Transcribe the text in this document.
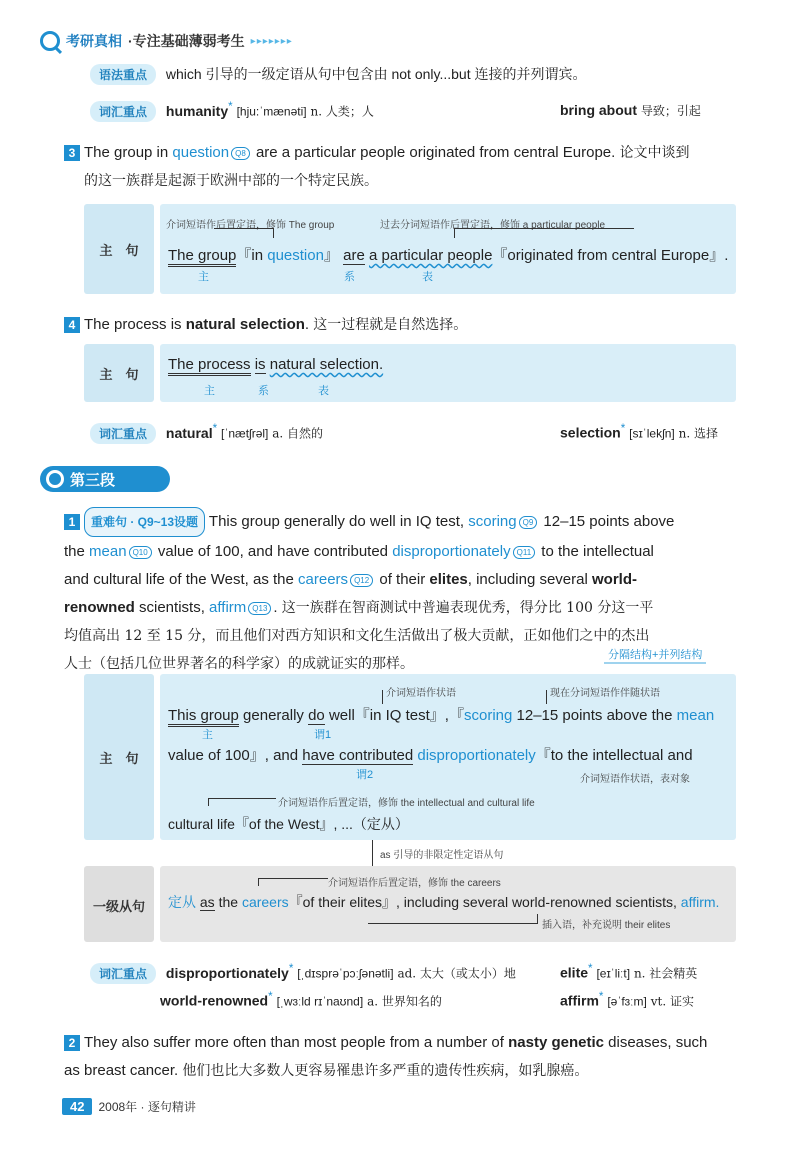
考研真相 ·专注基础薄弱考生 ▸▸▸▸▸▸▸
语法重点 which 引导的一级定语从句中包含由 not only...but 连接的并列谓宾。
词汇重点 humanity* [hju:ˈmænəti] n. 人类；人	bring about 导致；引起
3 The group in question Q8 are a particular people originated from central Europe. 论文中谈到
的这一族群是起源于欧洲中部的一个特定民族。
主　句
介词短语作后置定语，修饰 The group	过去分词短语作后置定语，修饰 a particular people
The group『in question』 are a particular people『originated from central Europe』.
主	系	表
4 The process is natural selection. 这一过程就是自然选择。
主　句
The process is natural selection.
主	系	表
词汇重点 natural* [ˈnætʃrəl] a. 自然的	selection* [sɪˈlekʃn] n. 选择
第三段
1 重难句 · Q9~13设题 This group generally do well in IQ test, scoring Q9 12–15 points above
the mean Q10 value of 100, and have contributed disproportionately Q11 to the intellectual
and cultural life of the West, as the careers Q12 of their elites, including several world-
renowned scientists, affirm Q13 . 这一族群在智商测试中普遍表现优秀，得分比 100 分这一平
均值高出 12 至 15 分，而且他们对西方知识和文化生活做出了极大贡献，正如他们之中的杰出
人士（包括几位世界著名的科学家）的成就证实的那样。
分隔结构+并列结构
主　句
介词短语作状语	现在分词短语作伴随状语
This group generally do well『in IQ test』,『scoring 12–15 points above the mean
主	谓1
value of 100』, and have contributed disproportionately『to the intellectual and
谓2	介词短语作状语，表对象
介词短语作后置定语，修饰 the intellectual and cultural life
cultural life『of the West』, ...（定从）
as 引导的非限定性定语从句
一级从句
介词短语作后置定语，修饰 the careers
定从 as the careers『of their elites』, including several world-renowned scientists, affirm.
插入语，补充说明 their elites
词汇重点 disproportionately* [ˌdɪsprəˈpɔːʃənətli] ad. 太大（或太小）地	elite* [eɪˈliːt] n. 社会精英
world-renowned* [ˌwɜːld rɪˈnaʊnd] a. 世界知名的	affirm* [əˈfɜːm] vt. 证实
2 They also suffer more often than most people from a number of nasty genetic diseases, such
as breast cancer. 他们也比大多数人更容易罹患许多严重的遗传性疾病，如乳腺癌。
42	2008年 · 逐句精讲
